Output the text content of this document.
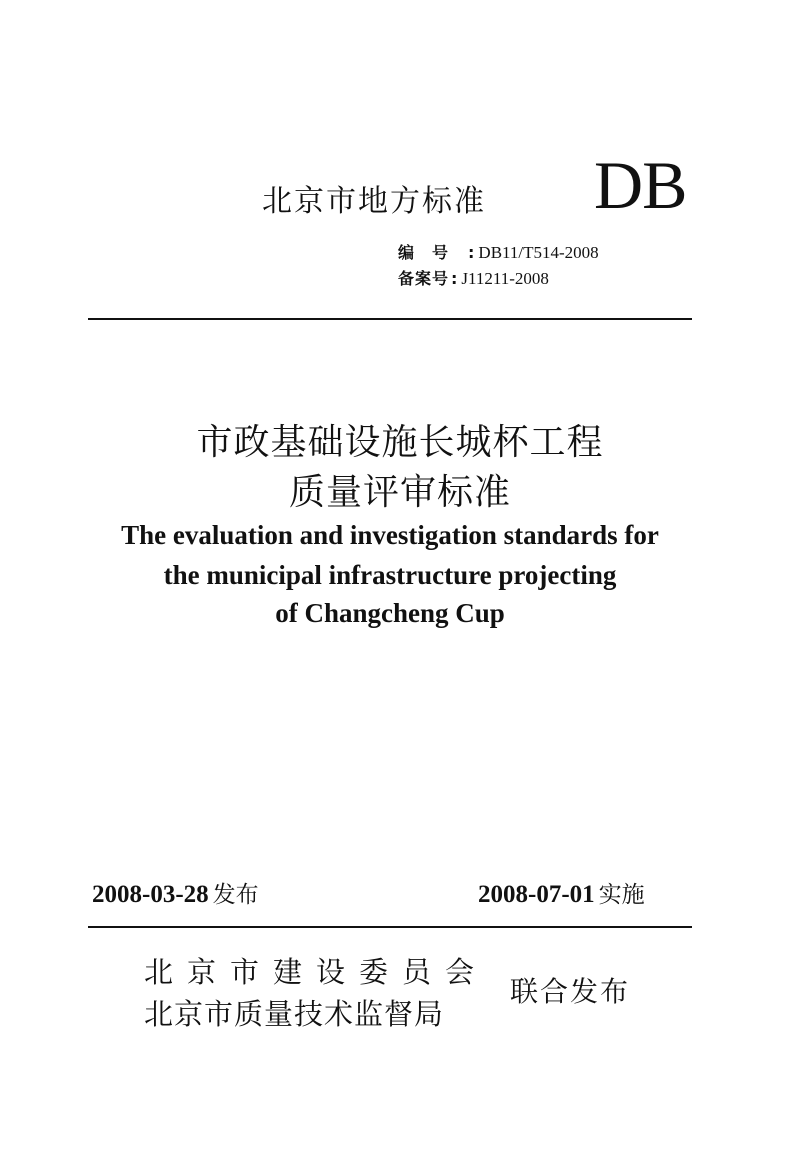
北京市地方标准 DB
编号 : DB11/T514-2008
备案号 : J11211-2008
市政基础设施长城杯工程
质量评审标准
The evaluation and investigation standards for
the municipal infrastructure projecting
of Changcheng Cup
2008-03-28 发布	2008-07-01 实施
北京市建设委员会
北京市质量技术监督局
联合发布
